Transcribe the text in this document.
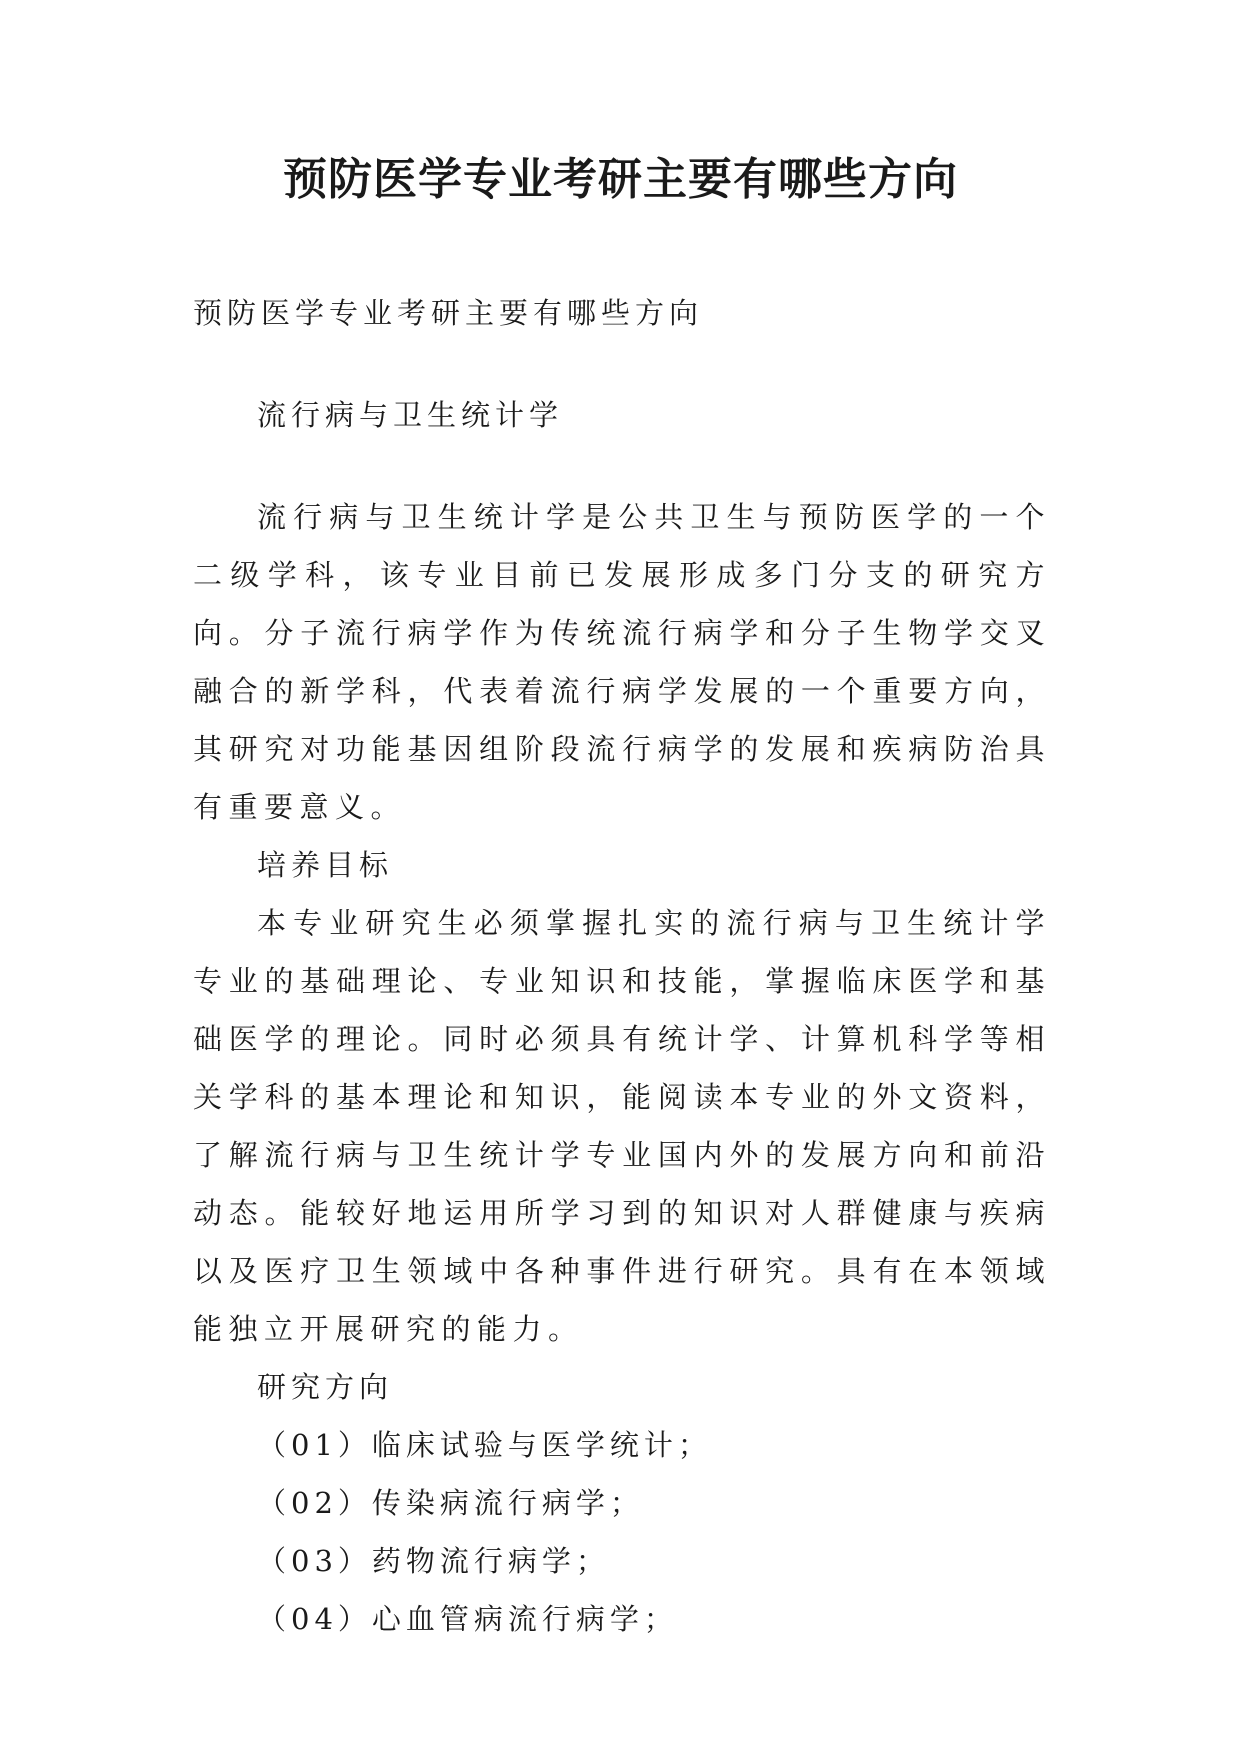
预防医学专业考研主要有哪些方向

预防医学专业考研主要有哪些方向

流行病与卫生统计学

流行病与卫生统计学是公共卫生与预防医学的一个二级学科，该专业目前已发展形成多门分支的研究方向。分子流行病学作为传统流行病学和分子生物学交叉融合的新学科，代表着流行病学发展的一个重要方向，其研究对功能基因组阶段流行病学的发展和疾病防治具有重要意义。

培养目标

本专业研究生必须掌握扎实的流行病与卫生统计学专业的基础理论、专业知识和技能，掌握临床医学和基础医学的理论。同时必须具有统计学、计算机科学等相关学科的基本理论和知识，能阅读本专业的外文资料，了解流行病与卫生统计学专业国内外的发展方向和前沿动态。能较好地运用所学习到的知识对人群健康与疾病以及医疗卫生领域中各种事件进行研究。具有在本领域能独立开展研究的能力。

研究方向

（01）临床试验与医学统计；
（02）传染病流行病学；
（03）药物流行病学；
（04）心血管病流行病学；
